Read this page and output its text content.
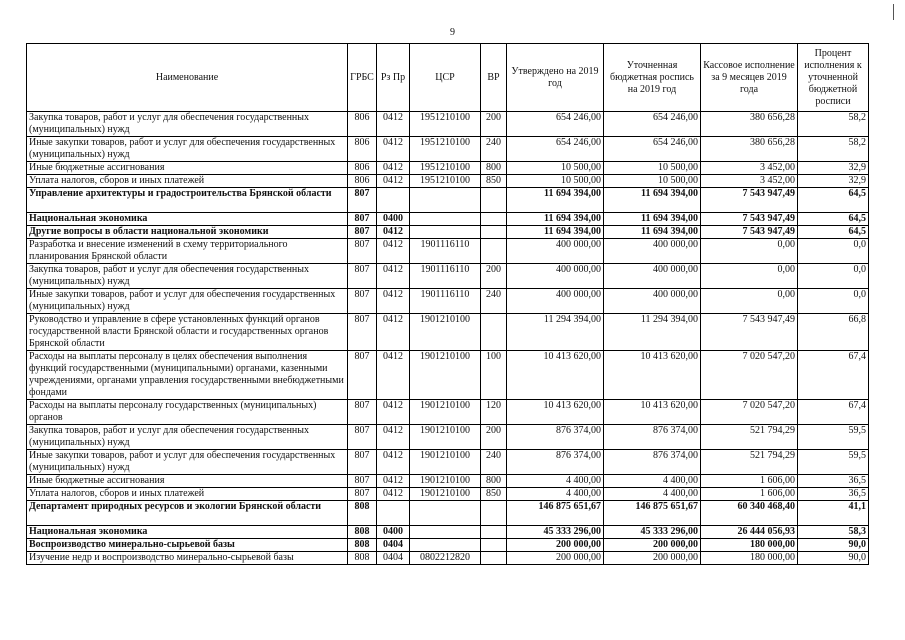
9
Наименование	ГРБС	Рз Пр	ЦСР	ВР	Утверждено на 2019 год	Уточненная бюджетная роспись на 2019 год	Кассовое исполнение за 9 месяцев 2019 года	Процент исполнения к уточненной бюджетной росписи
Закупка товаров, работ и услуг для обеспечения государственных (муниципальных) нужд	806	0412	1951210100	200	654 246,00	654 246,00	380 656,28	58,2
Иные закупки товаров, работ и услуг для обеспечения государственных (муниципальных) нужд	806	0412	1951210100	240	654 246,00	654 246,00	380 656,28	58,2
Иные бюджетные ассигнования	806	0412	1951210100	800	10 500,00	10 500,00	3 452,00	32,9
Уплата налогов, сборов и иных платежей	806	0412	1951210100	850	10 500,00	10 500,00	3 452,00	32,9
Управление архитектуры и градостроительства Брянской области	807				11 694 394,00	11 694 394,00	7 543 947,49	64,5
Национальная экономика	807	0400			11 694 394,00	11 694 394,00	7 543 947,49	64,5
Другие вопросы в области национальной экономики	807	0412			11 694 394,00	11 694 394,00	7 543 947,49	64,5
Разработка и внесение изменений в схему территориального планирования Брянской области	807	0412	1901116110		400 000,00	400 000,00	0,00	0,0
Закупка товаров, работ и услуг для обеспечения государственных (муниципальных) нужд	807	0412	1901116110	200	400 000,00	400 000,00	0,00	0,0
Иные закупки товаров, работ и услуг для обеспечения государственных (муниципальных) нужд	807	0412	1901116110	240	400 000,00	400 000,00	0,00	0,0
Руководство и управление в сфере установленных функций органов государственной власти Брянской области и государственных органов Брянской области	807	0412	1901210100		11 294 394,00	11 294 394,00	7 543 947,49	66,8
Расходы на выплаты персоналу в целях обеспечения выполнения функций государственными (муниципальными) органами, казенными учреждениями, органами управления государственными внебюджетными фондами	807	0412	1901210100	100	10 413 620,00	10 413 620,00	7 020 547,20	67,4
Расходы на выплаты персоналу государственных (муниципальных) органов	807	0412	1901210100	120	10 413 620,00	10 413 620,00	7 020 547,20	67,4
Закупка товаров, работ и услуг для обеспечения государственных (муниципальных) нужд	807	0412	1901210100	200	876 374,00	876 374,00	521 794,29	59,5
Иные закупки товаров, работ и услуг для обеспечения государственных (муниципальных) нужд	807	0412	1901210100	240	876 374,00	876 374,00	521 794,29	59,5
Иные бюджетные ассигнования	807	0412	1901210100	800	4 400,00	4 400,00	1 606,00	36,5
Уплата налогов, сборов и иных платежей	807	0412	1901210100	850	4 400,00	4 400,00	1 606,00	36,5
Департамент природных ресурсов и экологии Брянской области	808				146 875 651,67	146 875 651,67	60 340 468,40	41,1
Национальная экономика	808	0400			45 333 296,00	45 333 296,00	26 444 056,93	58,3
Воспроизводство минерально-сырьевой базы	808	0404			200 000,00	200 000,00	180 000,00	90,0
Изучение недр и воспроизводство минерально-сырьевой базы	808	0404	0802212820		200 000,00	200 000,00	180 000,00	90,0
